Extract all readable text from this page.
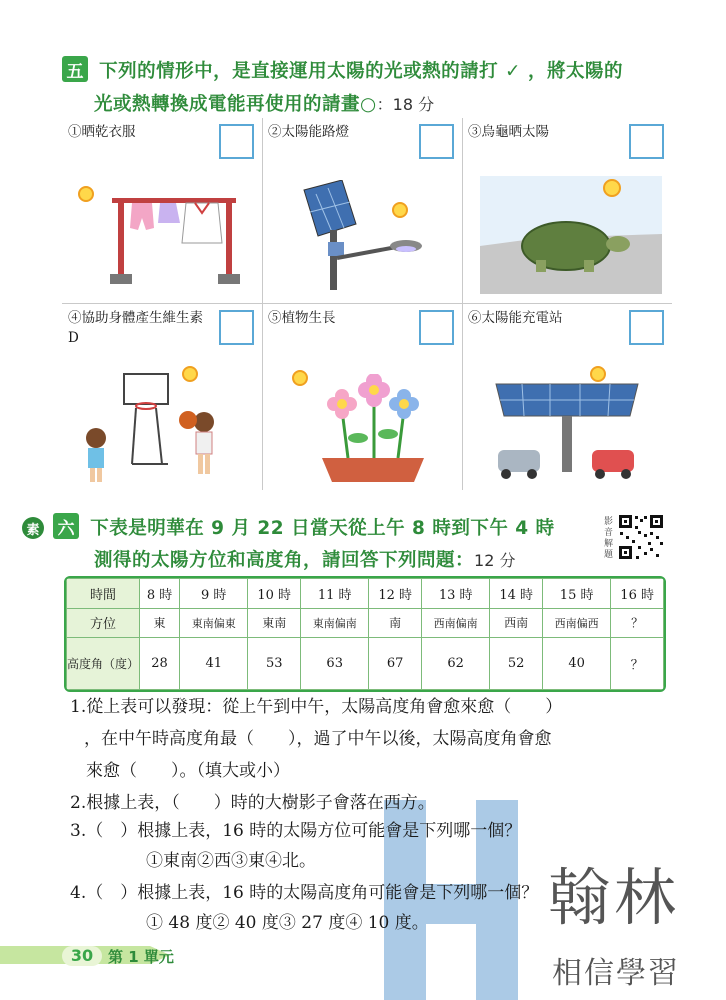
五 下列的情形中，是直接運用太陽的光或熱的請打 ✓ ，將太陽的
光或熱轉換成電能再使用的請畫○：18 分
①晒乾衣服	②太陽能路燈	③烏龜晒太陽
④協助身體產生維生素 D
⑤植物生長	⑥太陽能充電站
素 六 下表是明華在 9 月 22 日當天從上午 8 時到下午 4 時
測得的太陽方位和高度角，請回答下列問題：12 分
影音解題
時間	8 時	9 時	10 時	11 時	12 時	13 時	14 時	15 時	16 時
方位	東	東南偏東	東南	東南偏南	南	西南偏南	西南	西南偏西	？
高度角（度）	28	41	53	63	67	62	52	40	？
翰林
相信學習
1.從上表可以發現：從上午到中午，太陽高度角會愈來愈（　　）
，在中午時高度角最（　　），過了中午以後，太陽高度角會愈
來愈（　　）。（填大或小）
2.根據上表，（　　）時的大樹影子會落在西方。
3.（　）根據上表，16 時的太陽方位可能會是下列哪一個？
①東南②西③東④北。
4.（　）根據上表，16 時的太陽高度角可能會是下列哪一個？
① 48 度② 40 度③ 27 度④ 10 度。
30 第 1 單元
